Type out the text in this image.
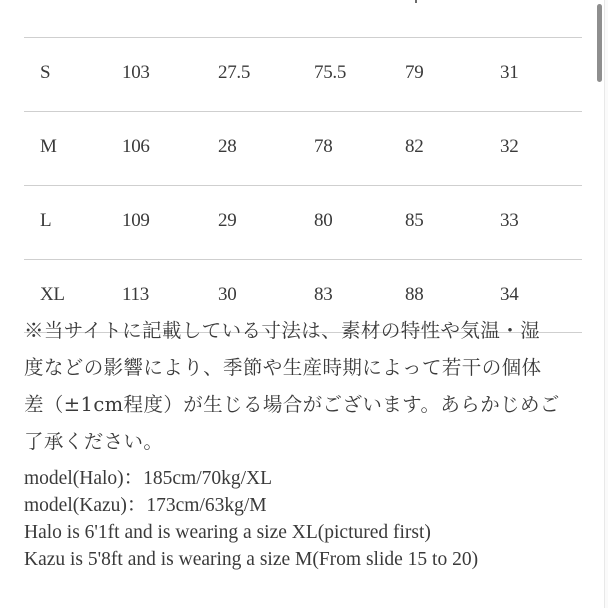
S	103	27.5	75.5	79	31
M	106	28	78	82	32
L	109	29	80	85	33
XL	113	30	83	88	34
※当サイトに記載している寸法は、素材の特性や気温・湿
度などの影響により、季節や生産時期によって若干の個体
差（±1cm程度）が生じる場合がございます。あらかじめご
了承ください。
model(Halo)：185cm/70kg/XL
model(Kazu)：173cm/63kg/M
Halo is 6'1ft and is wearing a size XL(pictured first)
Kazu is 5'8ft and is wearing a size M(From slide 15 to 20)
